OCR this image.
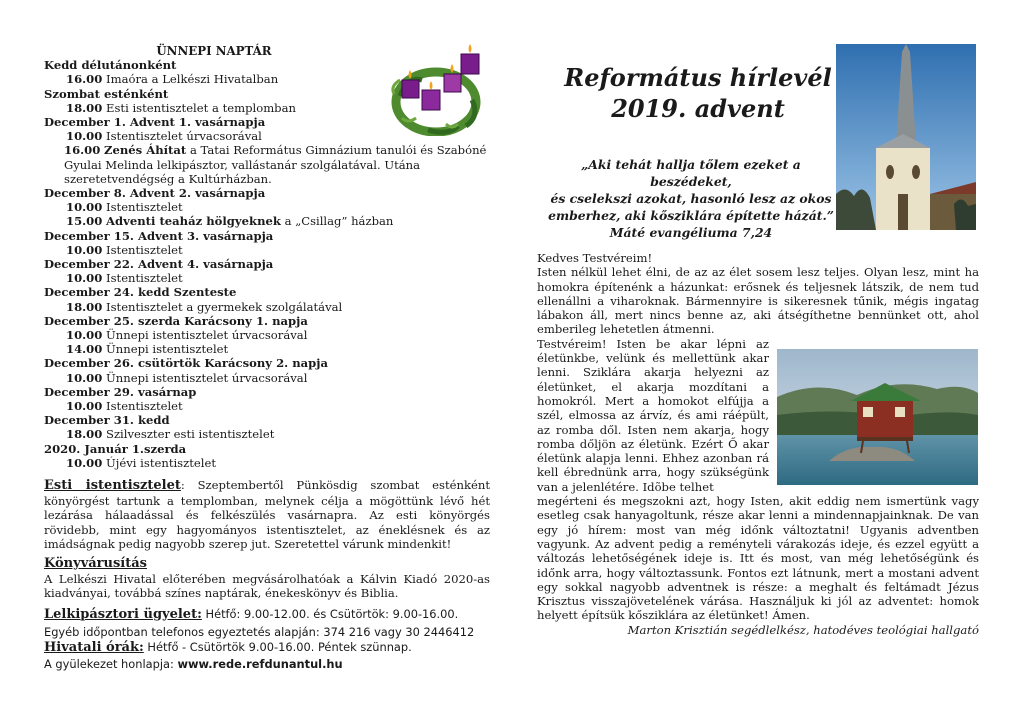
ÜNNEPI NAPTÁR
Kedd délutánonként
16.00 Imaóra a Lelkészi Hivatalban
Szombat esténként
18.00 Esti istentisztelet a templomban
December 1. Advent 1. vasárnapja
10.00 Istentisztelet úrvacsorával
16.00 Zenés Áhítat a Tatai Református Gimnázium tanulói és Szabóné Gyulai Melinda lelkipásztor, vallástanár szolgálatával. Utána szeretetvendégség a Kultúrházban.
December 8. Advent 2. vasárnapja
10.00 Istentisztelet
15.00 Adventi teaház hölgyeknek a „Csillag” házban
December 15. Advent 3. vasárnapja
10.00 Istentisztelet
December 22. Advent 4. vasárnapja
10.00 Istentisztelet
December 24. kedd Szenteste
18.00 Istentisztelet a gyermekek szolgálatával
December 25. szerda Karácsony 1. napja
10.00 Ünnepi istentisztelet úrvacsorával
14.00 Ünnepi istentisztelet
December 26. csütörtök Karácsony 2. napja
10.00 Ünnepi istentisztelet úrvacsorával
December 29. vasárnap
10.00 Istentisztelet
December 31. kedd
18.00 Szilveszter esti istentisztelet
2020. Január 1.szerda
10.00 Újévi istentisztelet
Esti istentisztelet: Szeptembertől Pünkösdig szombat esténként könyörgést tartunk a templomban, melynek célja a mögöttünk lévő hét lezárása hálaadással és felkészülés vasárnapra. Az esti könyörgés rövidebb, mint egy hagyományos istentisztelet, az éneklésnek és az imádságnak pedig nagyobb szerep jut. Szeretettel várunk mindenkit!
Könyvárusítás
A Lelkészi Hivatal előterében megvásárolhatóak a Kálvin Kiadó 2020-as kiadványai, továbbá színes naptárak, énekeskönyv és Biblia.
Lelkipásztori ügyelet: Hétfő: 9.00-12.00. és Csütörtök: 9.00-16.00.
Egyéb időpontban telefonos egyeztetés alapján: 374 216 vagy 30 2446412
Hivatali órák: Hétfő - Csütörtök 9.00-16.00. Péntek szünnap.
A gyülekezet honlapja: www.rede.refdunantul.hu
Református hírlevél
2019. advent
„Aki tehát hallja tőlem ezeket a beszédeket,
és cselekszi azokat, hasonló lesz az okos
emberhez, aki kősziklára építette házát.”
Máté evangéliuma 7,24

Kedves Testvéreim!

Isten nélkül lehet élni, de az az élet sosem lesz teljes. Olyan lesz, mint ha homokra építenénk a házunkat: erősnek és teljesnek látszik, de nem tud ellenállni a viharoknak. Bármennyire is sikeresnek tűnik, mégis ingatag lábakon áll, mert nincs benne az, aki átségíthetne bennünket ott, ahol emberileg lehetetlen átmenni.

Testvéreim! Isten be akar lépni az életünkbe, velünk és mellettünk akar lenni. Sziklára akarja helyezni az életünket, el akarja mozdítani a homokról. Mert a homokot elfújja a szél, elmossa az árvíz, és ami ráépült, az romba dől. Isten nem akarja, hogy romba dőljön az életünk. Ezért Ő akar életünk alapja lenni. Ehhez azonban rá kell ébrednünk arra, hogy szükségünk van a jelenlétére. Idõbe telhet

megérteni és megszokni azt, hogy Isten, akit eddig nem ismertünk vagy esetleg csak hanyagoltunk, része akar lenni a mindennapjainknak. De van egy jó hírem: most van még időnk változtatni! Ugyanis adventben vagyunk. Az advent pedig a reményteli várakozás ideje, és ezzel együtt a változás lehetőségének ideje is. Itt és most, van még lehetőségünk és időnk arra, hogy változtassunk. Fontos ezt látnunk, mert a mostani advent egy sokkal nagyobb adventnek is része: a meghalt és feltámadt Jézus Krisztus visszajövetelének várása. Használjuk ki jól az adventet: homok helyett építsük kősziklára az életünket! Ámen.

Marton Krisztián segédlelkész, hatodéves teológiai hallgató
